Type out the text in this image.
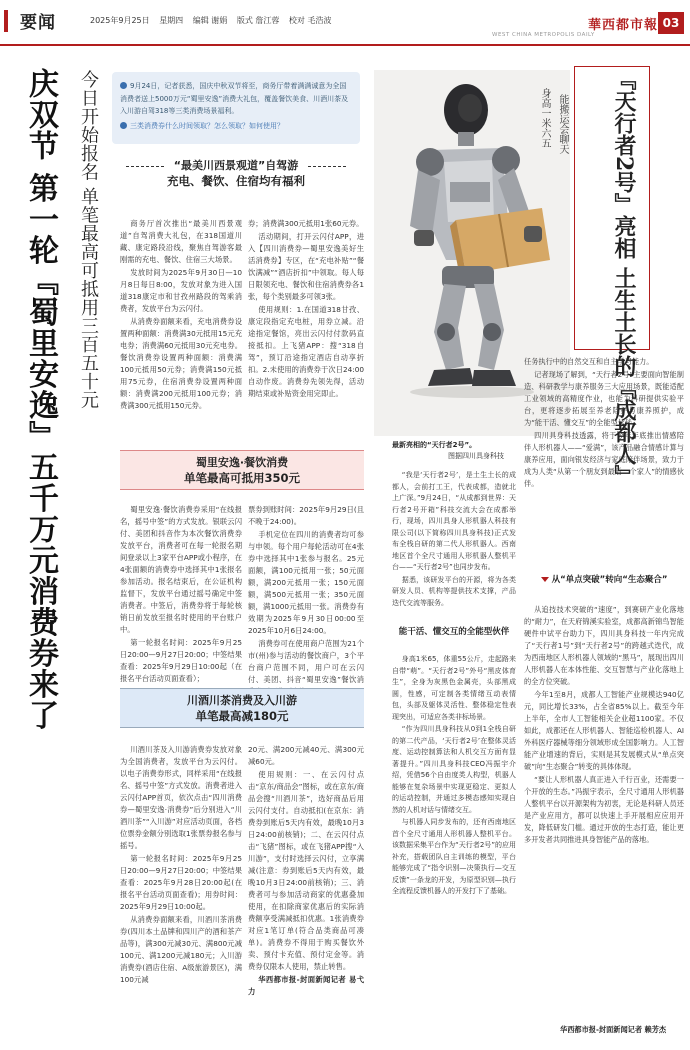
要闻	2025年9月25日 星期四 编辑 谢娟 版式 詹江蓉 校对 毛浩波
WEST CHINA METROPOLIS DAILY
華西都市報 03
庆双节 第一轮『蜀里安逸』五千万元消费券来了 今日开始报名 单笔最高可抵用三百五十元	9月24日，记者获悉，国庆中秋双节将至，商务厅带着满满诚意为全国消费者送上5000万元“蜀里安逸”消费大礼包，覆盖餐饮美食、川酒川茶及入川游自驾318等三类消费场景福利。
三类消费券什么时间领取？怎么领取？如何使用？
“最美川西景观道”自驾游
充电、餐饮、住宿均有福利

商务厅首次推出“最美川西景观道”自驾消费大礼包，在318国道川藏、康定路段沿线，聚焦自驾游客最刚需的充电、餐饮、住宿三大场景。

发放时间为2025年9月30日—10月8日每日8:00，发放对象为进入国道318康定市和甘孜州路段的驾乘消费者，发放平台为云闪付。

从消费券面额来看，充电消费券设置两种面额：消费满30元抵用15元充电券；消费满60元抵用30元充电券。餐饮消费券设置两种面额：消费满100元抵用50元券；消费满150元抵用75元券，住宿消费券设置两种面额：消费满200元抵用100元券；消费满300元抵用150元券。

券；消费满300元抵用1张60元券。

活动期间，打开云闪付APP，进入【四川消费券—蜀里安逸美好生活消费券】专区，在“充电补贴”“餐饮满减”“酒店折扣”中领取。每人每日限领充电、餐饮和住宿消费券各1张，每个类别最多可领3张。

使用规则：1.在国道318甘孜、康定段指定充电桩，用券立减。沿途指定餐馆，亮出云闪付付款码直接抵扣。上飞猪APP：搜“318自驾”，预订沿途指定酒店自动享折扣。2.未使用的消费券于次日24:00自动作废。消费券先领先得，活动期结束或补贴资金用完即止。

蜀里安逸·餐饮消费
单笔最高可抵用350元

蜀里安逸·餐饮消费券采用“在线报名，摇号中签”的方式发放。银联云闪付、美团和抖音作为本次餐饮消费券发放平台，消费者可在每一轮报名期间登录以上3家平台APP或小程序，在4张面额的消费券中选择其中1张报名参加活动。报名结束后，在公证机构监督下，发放平台通过摇号确定中签消费者。中签后，消费券将于每轮核销日前发放至报名时使用的平台账户中。

第一轮报名时间：2025年9月25日20:00—9月27日20:00；中签结果查看：2025年9月29日10:00起（在报名平台活动页面查看）；

票券到账时间：2025年9月29日(且不晚于24:00)。

手机定位在四川的消费者均可参与申领。每个用户每轮活动可在4张券中选择其中1张参与报名。25元面额，满100元抵用一张；50元面额，满200元抵用一张；150元面额，满500元抵用一张；350元面额，满1000元抵用一张。消费券有效期为2025年9月30日00:00至2025年10月6日24:00。

消费券可在使用商户范围为21个市(州)参与活动的餐饮商户，3个平台商户范围不同，用户可在云闪付、美团、抖音“蜀里安逸”餐饮消

川酒川茶消费及入川游
单笔最高减180元

川酒川茶及入川游消费券发放对象为全国消费者，发放平台为云闪付。以电子消费券形式，同样采用“在线报名、摇号中签”方式发放。消费者进入云闪付APP首页，依次点击“四川消费券—蜀里安逸·消费券”后分别进入“川酒川茶”“入川游”对应活动页面，各档位票券金额分别选取1张票券报名参与摇号。

第一轮报名时间：2025年9月25日20:00—9月27日20:00；中签结果查看：2025年9月28日20:00起(在报名平台活动页面查看)；用券时间：2025年9月29日10:00起。

从消费券面额来看，川酒川茶消费券(四川本土品牌和四川产的酒和茶产品等)，满300元减30元、满800元减100元、满1200元减180元；入川游消费券(酒店住宿、A级旅游景区)，满100元减

20元、满200元减40元、满300元减60元。

使用规则：一、在云闪付点击“京东/商品会”图标，或在京东/商品会搜“川酒川茶”，选好商品后用云闪付支付。自动抵扣(在京东：消费券到账后5天内有效，最晚10月3日24:00前核销)；二、在云闪付点击“飞猪”图标，或在飞猪APP搜“入川游”，支付时选择云闪付，立享满减(注意：券到账后5天内有效，最晚10月3日24:00前核销)；三、消费者可与参加活动商家的优惠叠加使用，在扣除商家优惠后的实际消费额享受满减抵扣优惠。1张消费券对应1笔订单(符合品类商品可凑单)。消费券不得用于购买餐饮外卖、预付卡充值、预付定金等。消费券仅限本人使用，禁止转售。

华西都市报-封面新闻记者 易弋力

身高一米六五 能搬运会聊天	『天行者2号』亮相 土生土长的『成都人』
最新亮相的“天行者2号”。
图据四川具身科技

“我是‘天行者2号’，是土生土长的成都人，会前打工王，代表成都，造就北上广深。”9月24日，“从成都到世界：天行者2号开箱”科技交流大会在成都举行，现场，四川具身人形机器人科技有限公司(以下简称四川具身科技)正式发布全栈自研的第二代人形机器人。西南地区首个全尺寸通用人形机器人整机平台——“天行者2号”也同步发布。

据悉，该研发平台的开源，将为各类研发人员、机构等提供技术支撑，产品迭代交流等服务。

能干活、懂交互的全能型伙伴

身高1米65，体重55公斤，走起路来自带“萌”。“天行者2号”外号“黑皮体育生”，全身为灰黑色金属壳，头部黑成圆，性感，可定制各类情绪互动表情包，头部及躯体灵活性、整体稳定性表现突出，可适应各类非标场景。

“作为四川具身科技从0到1全栈自研的第二代产品，‘天行者2号’在整体灵活度、运动控制算法和人机交互方面有显著提升。”四川具身科技CEO冯振宇介绍，凭借56个自由度类人构型，机器人能够在复杂场景中实现更稳定、更拟人的运动控制，并通过多模态感知实现自然的人机对话与情绪交互。

与机器人同步发布的，还有西南地区首个全尺寸通用人形机器人整机平台。该数据采集平台作为“天行者2号”的应用补充，搭载团队自主训练的模型，平台能够完成了“指令识别—决策执行—交互反馈”一条龙的开发，为原型识别—执行全流程反馈机器人的开发打下了基础。

任务执行中的自然交互和自主学习能力。

记者现场了解到，“天行者2号”主要面向智能制造、科研教学与康养服务三大应用场景，既能适配工业领域的高精度作业，也能为科研提供实验平台，更将逐步拓展至养老陪护与康养照护，成为“能干活、懂交互”的全能型伙伴。

四川具身科技透露，将于今年年底推出情感陪伴人形机器人——“爱满”，该产品融合情感计算与康养应用，面向银发经济与家庭陪伴场景，致力于成为人类“从第一个朋友到最后一个家人”的情感伙伴。

从“单点突破”转向“生态聚合”

从追技技术突破的“速度”，到赛研产业化落地的“耐力”，在天府锦溪实验室，成都高新锦鸟智能硬件中试平台助力下，四川具身科技一年内完成了“天行者1号”到“天行者2号”的跨越式迭代，成为西南地区人形机器人领域的“黑马”，展现出四川人形机器人在本体性能、交互智慧与产业化落地上的全方位突破。

今年1至8月，成都人工智能产业规模达940亿元，同比增长33%，占全省85%以上。截至今年上半年，全市人工智能相关企业超1100家。不仅如此，成都还在人形机器人、智能巡检机器人、AI外科医疗器械等细分领域形成全国影响力。人工智能产业增速的背后，实则是其发展模式从“单点突破”向“生态聚合”转变的具体体现。

“要让人形机器人真正进入千行百业，还需要一个开放的生态。”冯振宇表示，全尺寸通用人形机器人整机平台以开源架构为初衷，无论是科研人员还是产业应用方，都可以快速上手开展相应应用开发，降低研发门槛。通过开放的生态打造，能让更多开发者共同推进具身智能产品的落地。

华西都市报-封面新闻记者 赖芳杰
